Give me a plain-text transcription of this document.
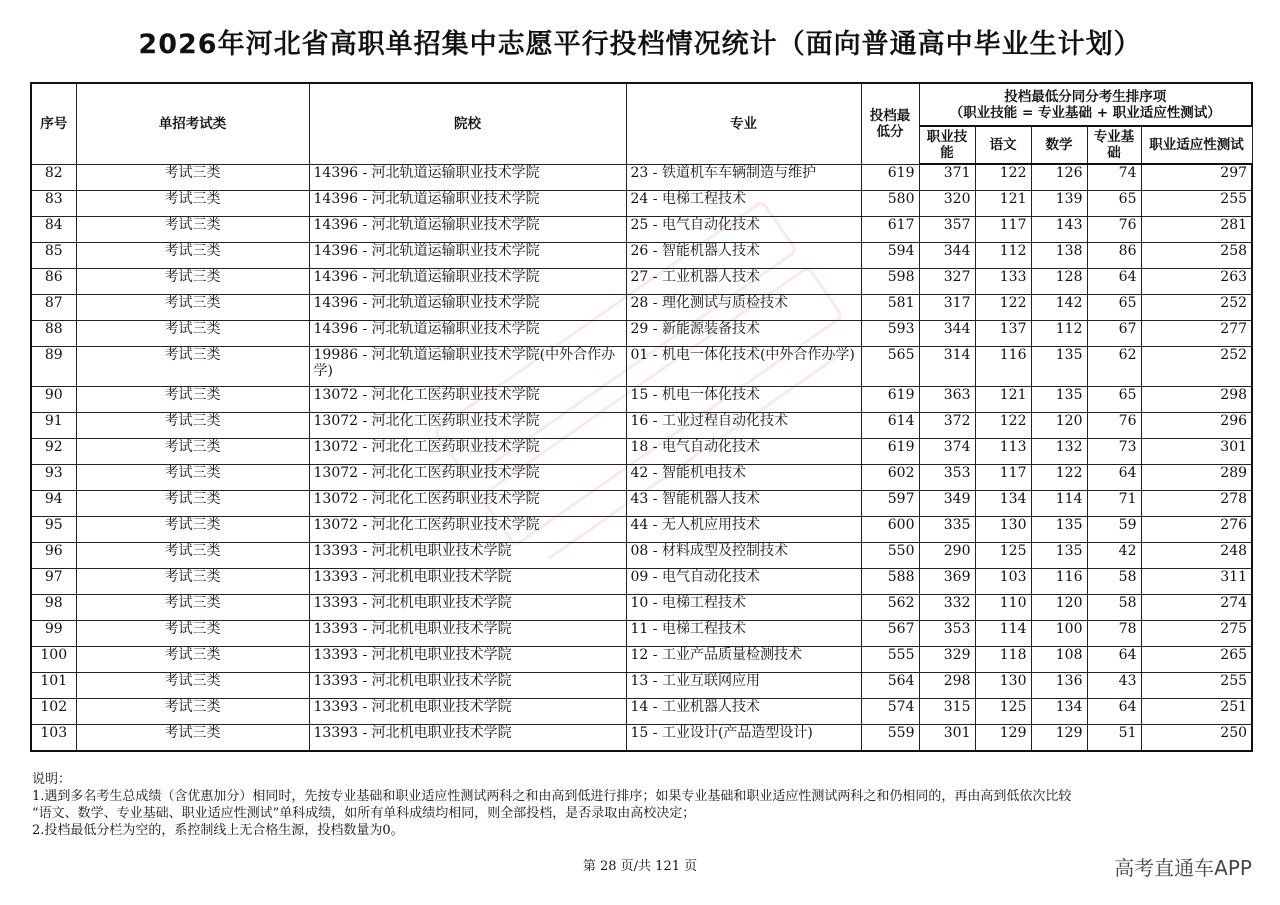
2026年河北省高职单招集中志愿平行投档情况统计（面向普通高中毕业生计划）
序号	单招考试类	院校	专业	投档最低分	投档最低分同分考生排序项
（职业技能 = 专业基础 + 职业适应性测试）				

					职业技能	语文	数学	专业基础	职业适应性测试
82	考试三类	14396 - 河北轨道运输职业技术学院	23 - 铁道机车车辆制造与维护	619	371	122	126	74	297
83	考试三类	14396 - 河北轨道运输职业技术学院	24 - 电梯工程技术	580	320	121	139	65	255
84	考试三类	14396 - 河北轨道运输职业技术学院	25 - 电气自动化技术	617	357	117	143	76	281
85	考试三类	14396 - 河北轨道运输职业技术学院	26 - 智能机器人技术	594	344	112	138	86	258
86	考试三类	14396 - 河北轨道运输职业技术学院	27 - 工业机器人技术	598	327	133	128	64	263
87	考试三类	14396 - 河北轨道运输职业技术学院	28 - 理化测试与质检技术	581	317	122	142	65	252
88	考试三类	14396 - 河北轨道运输职业技术学院	29 - 新能源装备技术	593	344	137	112	67	277
89	考试三类	19986 - 河北轨道运输职业技术学院(中外合作办学)	01 - 机电一体化技术(中外合作办学)	565	314	116	135	62	252
90	考试三类	13072 - 河北化工医药职业技术学院	15 - 机电一体化技术	619	363	121	135	65	298
91	考试三类	13072 - 河北化工医药职业技术学院	16 - 工业过程自动化技术	614	372	122	120	76	296
92	考试三类	13072 - 河北化工医药职业技术学院	18 - 电气自动化技术	619	374	113	132	73	301
93	考试三类	13072 - 河北化工医药职业技术学院	42 - 智能机电技术	602	353	117	122	64	289
94	考试三类	13072 - 河北化工医药职业技术学院	43 - 智能机器人技术	597	349	134	114	71	278
95	考试三类	13072 - 河北化工医药职业技术学院	44 - 无人机应用技术	600	335	130	135	59	276
96	考试三类	13393 - 河北机电职业技术学院	08 - 材料成型及控制技术	550	290	125	135	42	248
97	考试三类	13393 - 河北机电职业技术学院	09 - 电气自动化技术	588	369	103	116	58	311
98	考试三类	13393 - 河北机电职业技术学院	10 - 电梯工程技术	562	332	110	120	58	274
99	考试三类	13393 - 河北机电职业技术学院	11 - 电梯工程技术	567	353	114	100	78	275
100	考试三类	13393 - 河北机电职业技术学院	12 - 工业产品质量检测技术	555	329	118	108	64	265
101	考试三类	13393 - 河北机电职业技术学院	13 - 工业互联网应用	564	298	130	136	43	255
102	考试三类	13393 - 河北机电职业技术学院	14 - 工业机器人技术	574	315	125	134	64	251
103	考试三类	13393 - 河北机电职业技术学院	15 - 工业设计(产品造型设计)	559	301	129	129	51	250
说明：
1.遇到多名考生总成绩（含优惠加分）相同时，先按专业基础和职业适应性测试两科之和由高到低进行排序；如果专业基础和职业适应性测试两科之和仍相同的，再由高到低依次比较
“语文、数学、专业基础、职业适应性测试”单科成绩，如所有单科成绩均相同，则全部投档，是否录取由高校决定；
2.投档最低分栏为空的，系控制线上无合格生源，投档数量为0。
第 28 页/共 121 页	高考直通车APP
